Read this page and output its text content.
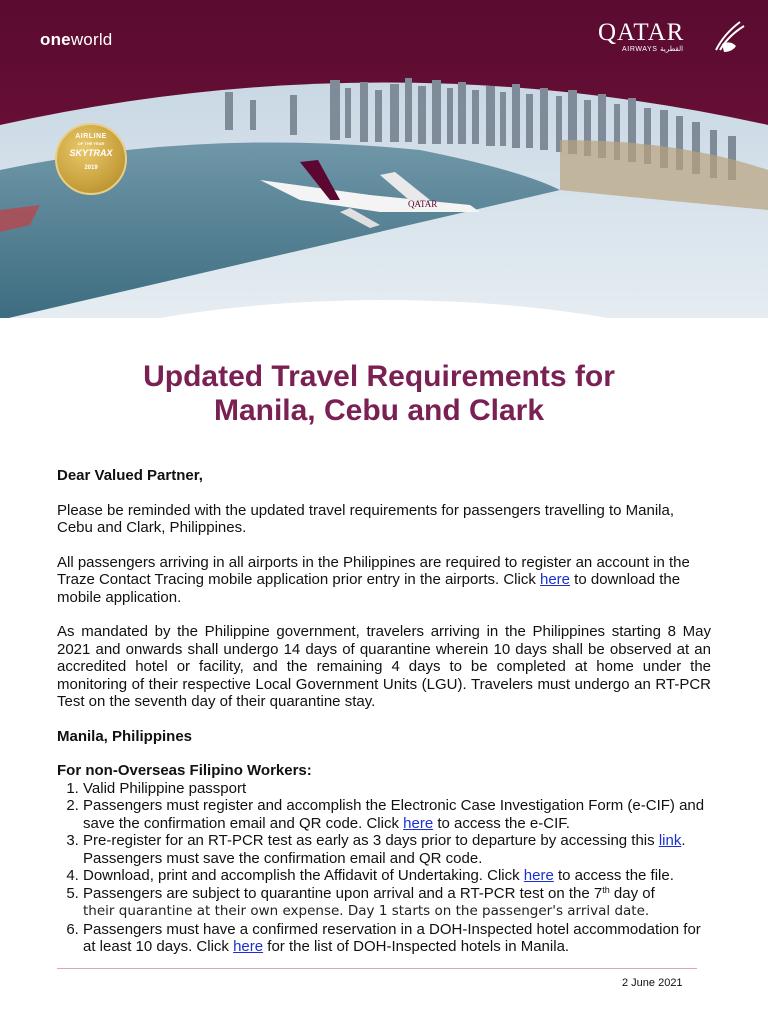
QATAR
oneworld	QATAR
AIRWAYS القطرية
AIRLINE
OF THE YEAR
SKYTRAX
2019
Updated Travel Requirements for
Manila, Cebu and Clark

Dear Valued Partner,

Please be reminded with the updated travel requirements for passengers travelling to Manila, Cebu and Clark, Philippines.

All passengers arriving in all airports in the Philippines are required to register an account in the Traze Contact Tracing mobile application prior entry in the airports. Click here to download the mobile application.

As mandated by the Philippine government, travelers arriving in the Philippines starting 8 May 2021 and onwards shall undergo 14 days of quarantine wherein 10 days shall be observed at an accredited hotel or facility, and the remaining 4 days to be completed at home under the monitoring of their respective Local Government Units (LGU). Travelers must undergo an RT-PCR Test on the seventh day of their quarantine stay.

Manila, Philippines

For non-Overseas Filipino Workers:
1. Valid Philippine passport
2. Passengers must register and accomplish the Electronic Case Investigation Form (e-CIF) and save the confirmation email and QR code. Click here to access the e-CIF.
3. Pre-register for an RT-PCR test as early as 3 days prior to departure by accessing this link. Passengers must save the confirmation email and QR code.
4. Download, print and accomplish the Affidavit of Undertaking. Click here to access the file.
5. Passengers are subject to quarantine upon arrival and a RT-PCR test on the 7th day of
their quarantine at their own expense. Day 1 starts on the passenger's arrival date.
6. Passengers must have a confirmed reservation in a DOH-Inspected hotel accommodation for at least 10 days. Click here for the list of DOH-Inspected hotels in Manila.
2 June 2021
